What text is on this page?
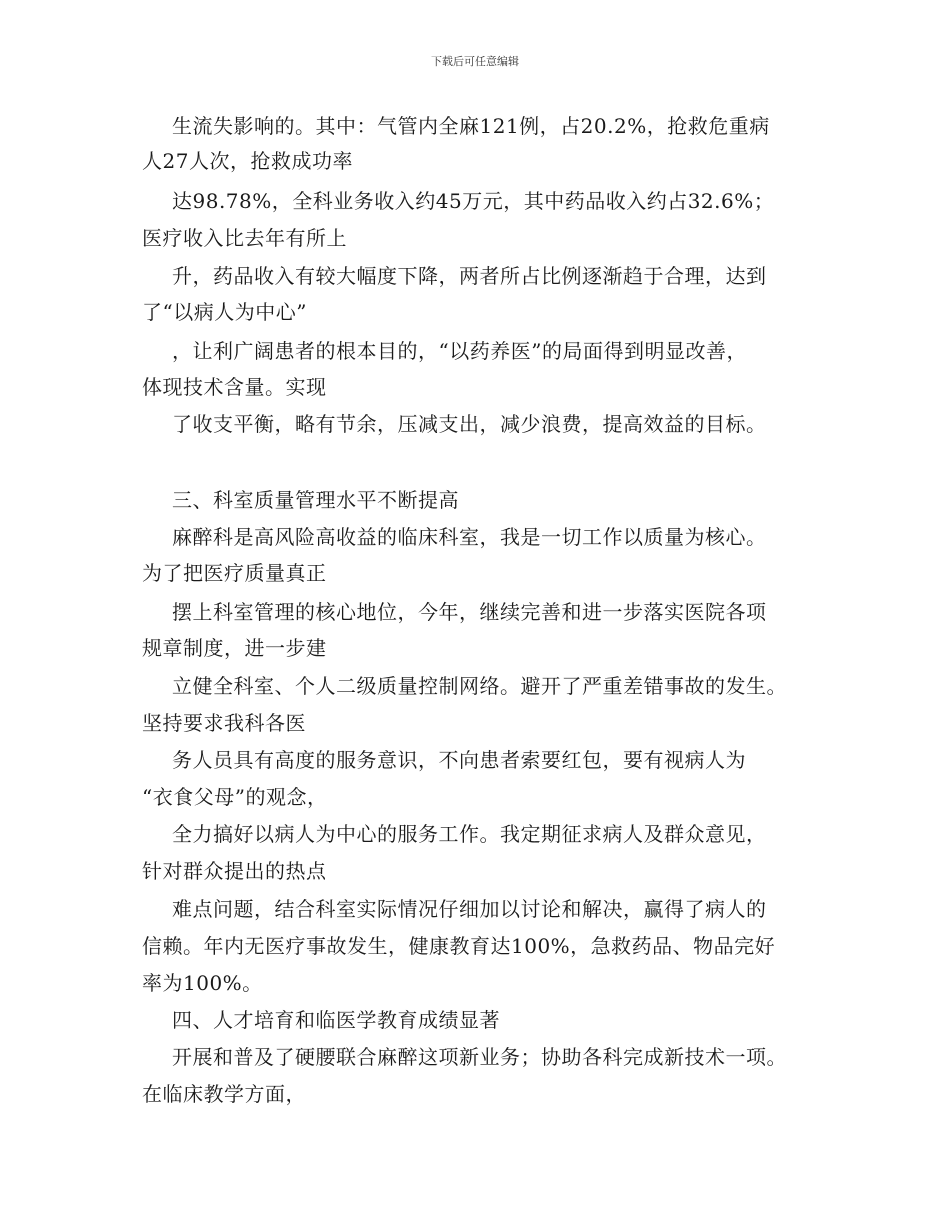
下载后可任意编辑
生流失影响的。其中：气管内全麻121例，占20.2%，抢救危重病
人27人次，抢救成功率
达98.78%，全科业务收入约45万元，其中药品收入约占32.6%；
医疗收入比去年有所上
升，药品收入有较大幅度下降，两者所占比例逐渐趋于合理，达到
了“以病人为中心”
，让利广阔患者的根本目的，“以药养医”的局面得到明显改善，
体现技术含量。实现
了收支平衡，略有节余，压减支出，减少浪费，提高效益的目标。
三、科室质量管理水平不断提高
麻醉科是高风险高收益的临床科室，我是一切工作以质量为核心。
为了把医疗质量真正
摆上科室管理的核心地位，今年，继续完善和进一步落实医院各项
规章制度，进一步建
立健全科室、个人二级质量控制网络。避开了严重差错事故的发生。
坚持要求我科各医
务人员具有高度的服务意识，不向患者索要红包，要有视病人为
“衣食父母”的观念，
全力搞好以病人为中心的服务工作。我定期征求病人及群众意见，
针对群众提出的热点
难点问题，结合科室实际情况仔细加以讨论和解决，赢得了病人的
信赖。年内无医疗事故发生，健康教育达100%，急救药品、物品完好
率为100%。
四、人才培育和临医学教育成绩显著
开展和普及了硬腰联合麻醉这项新业务；协助各科完成新技术一项。
在临床教学方面，
